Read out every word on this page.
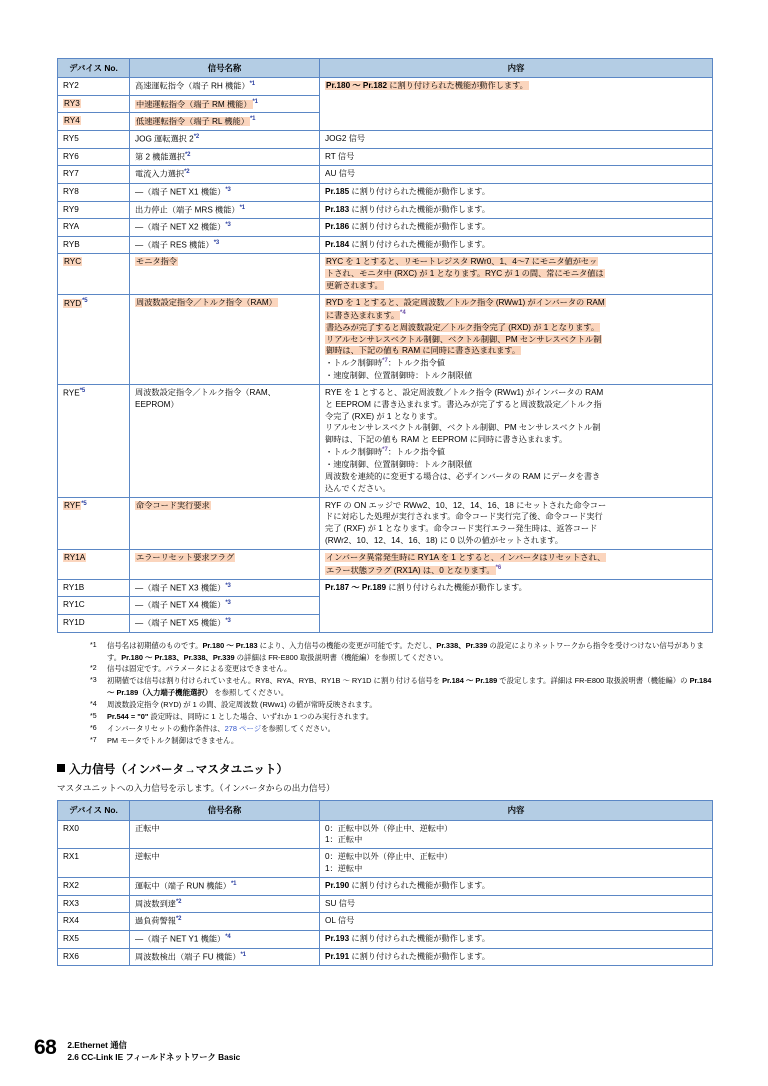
デバイス No.	信号名称	内容
RY2	高速運転指令（端子 RH 機能）$^{*1}$	Pr.180 ～ Pr.182 に割り付けられた機能が動作します。
RY3	中速運転指令（端子 RM 機能）$^{*1}$
RY4	低速運転指令（端子 RL 機能）$^{*1}$
RY5	JOG 運転選択 2$^{*2}$	JOG2 信号
RY6	第 2 機能選択$^{*2}$	RT 信号
RY7	電流入力選択$^{*2}$	AU 信号
RY8	―（端子 NET X1 機能）$^{*3}$	Pr.185 に割り付けられた機能が動作します。
RY9	出力停止（端子 MRS 機能）$^{*1}$	Pr.183 に割り付けられた機能が動作します。
RYA	―（端子 NET X2 機能）$^{*3}$	Pr.186 に割り付けられた機能が動作します。
RYB	―（端子 RES 機能）$^{*3}$	Pr.184 に割り付けられた機能が動作します。
RYC	モニタ指令	RYC を 1 とすると、リモートレジスタ RWr0、1、4～7 にモニタ値がセッ
トされ、モニタ中 (RXC) が 1 となります。RYC が 1 の間、常にモニタ値は
更新されます。

RYD$^{*5}$	周波数設定指令／トルク指令（RAM）	RYD を 1 とすると、設定周波数／トルク指令 (RWw1) がインバータの RAM
に書き込まれます。$^{*4}$
書込みが完了すると周波数設定／トルク指令完了 (RXD) が 1 となります。
リアルセンサレスベクトル制御、ベクトル制御、PM センサレスベクトル制
御時は、下記の値も RAM に同時に書き込まれます。
・トルク制御時$^{*7}$：トルク指令値
・速度制御、位置制御時：トルク制限値

RYE$^{*5}$	周波数設定指令／トルク指令（RAM、EEPROM）	
RYE を 1 とすると、設定周波数／トルク指令 (RWw1) がインバータの RAM
と EEPROM に書き込まれます。書込みが完了すると周波数設定／トルク指
令完了 (RXE) が 1 となります。
リアルセンサレスベクトル制御、ベクトル制御、PM センサレスベクトル制
御時は、下記の値も RAM と EEPROM に同時に書き込まれます。
・トルク制御時$^{*7}$：トルク指令値
・速度制御、位置制御時：トルク制限値
周波数を連続的に変更する場合は、必ずインバータの RAM にデータを書き
込んでください。

RYF$^{*5}$	命令コード実行要求	RYF の ON エッジで RWw2、10、12、14、16、18 にセットされた命令コー
ドに対応した処理が実行されます。命令コード実行完了後、命令コード実行
完了 (RXF) が 1 となります。命令コード実行エラー発生時は、返答コード
(RWr2、10、12、14、16、18) に 0 以外の値がセットされます。

RY1A	エラーリセット要求フラグ	インバータ異常発生時に RY1A を 1 とすると、インバータはリセットされ、
エラー状態フラグ (RX1A) は、0 となります。$^{*6}$

RY1B	―（端子 NET X3 機能）$^{*3}$	Pr.187 ～ Pr.189 に割り付けられた機能が動作します。
RY1C	―（端子 NET X4 機能）$^{*3}$
RY1D	―（端子 NET X5 機能）$^{*3}$
*1	信号名は初期値のものです。Pr.180 ～ Pr.183 により、入力信号の機能の変更が可能です。ただし、Pr.338、Pr.339 の設定によりネットワークから指令を受けつけない信号があります。Pr.180 ～ Pr.183、Pr.338、Pr.339 の詳細は FR-E800 取扱説明書（機能編）を参照してください。
*2	信号は固定です。パラメータによる変更はできません。
*3	初期値では信号は割り付けられていません。RY8、RYA、RYB、RY1B ～ RY1D に割り付ける信号を Pr.184 ～ Pr.189 で設定します。詳細は FR-E800 取扱説明書（機能編）の Pr.184 ～ Pr.189（入力端子機能選択） を参照してください。
*4	周波数設定指令 (RYD) が 1 の間、設定周波数 (RWw1) の値が常時反映されます。
*5	Pr.544 = "0" 設定時は、同時に 1 とした場合、いずれか 1 つのみ実行されます。
*6	インバータリセットの動作条件は、278 ページを参照してください。
*7	PM モータでトルク制御はできません。
入力信号（インバータ→マスタユニット）
マスタユニットへの入力信号を示します。（インバータからの出力信号）
デバイス No.	信号名称	内容
RX0	正転中	0：正転中以外（停止中、逆転中）
1：正転中

RX1	逆転中	0：逆転中以外（停止中、正転中）
1：逆転中

RX2	運転中（端子 RUN 機能）$^{*1}$	Pr.190 に割り付けられた機能が動作します。
RX3	周波数到達$^{*2}$	SU 信号
RX4	過負荷警報$^{*2}$	OL 信号
RX5	―（端子 NET Y1 機能）$^{*4}$	Pr.193 に割り付けられた機能が動作します。
RX6	周波数検出（端子 FU 機能）$^{*1}$	Pr.191 に割り付けられた機能が動作します。
68 2.Ethernet 通信
2.6 CC-Link IE フィールドネットワーク Basic
